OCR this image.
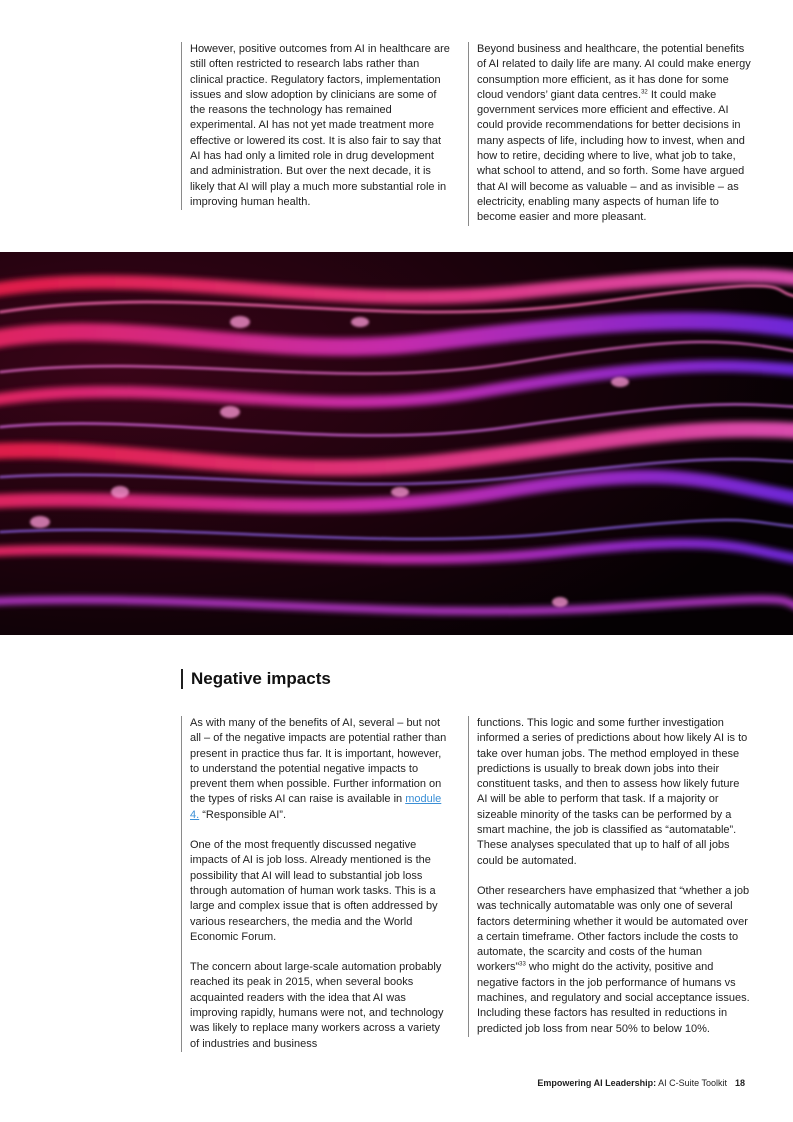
However, positive outcomes from AI in healthcare are still often restricted to research labs rather than clinical practice. Regulatory factors, implementation issues and slow adoption by clinicians are some of the reasons the technology has remained experimental. AI has not yet made treatment more effective or lowered its cost. It is also fair to say that AI has had only a limited role in drug development and administration. But over the next decade, it is likely that AI will play a much more substantial role in improving human health.

Beyond business and healthcare, the potential benefits of AI related to daily life are many. AI could make energy consumption more efficient, as it has done for some cloud vendors’ giant data centres.$^{32}$ It could make government services more efficient and effective. AI could provide recommendations for better decisions in many aspects of life, including how to invest, when and how to retire, deciding where to live, what job to take, what school to attend, and so forth. Some have argued that AI will become as valuable – and as invisible – as electricity, enabling many aspects of human life to become easier and more pleasant.

Negative impacts

As with many of the benefits of AI, several – but not all – of the negative impacts are potential rather than present in practice thus far. It is important, however, to understand the potential negative impacts to prevent them when possible. Further information on the types of risks AI can raise is available in module 4. “Responsible AI”.

One of the most frequently discussed negative impacts of AI is job loss. Already mentioned is the possibility that AI will lead to substantial job loss through automation of human work tasks. This is a large and complex issue that is often addressed by various researchers, the media and the World Economic Forum.

The concern about large-scale automation probably reached its peak in 2015, when several books acquainted readers with the idea that AI was improving rapidly, humans were not, and technology was likely to replace many workers across a variety of industries and business

functions. This logic and some further investigation informed a series of predictions about how likely AI is to take over human jobs. The method employed in these predictions is usually to break down jobs into their constituent tasks, and then to assess how likely future AI will be able to perform that task. If a majority or sizeable minority of the tasks can be performed by a smart machine, the job is classified as “automatable”. These analyses speculated that up to half of all jobs could be automated.

Other researchers have emphasized that “whether a job was technically automatable was only one of several factors determining whether it would be automated over a certain timeframe. Other factors include the costs to automate, the scarcity and costs of the human workers”$^{33}$ who might do the activity, positive and negative factors in the job performance of humans vs machines, and regulatory and social acceptance issues. Including these factors has resulted in reductions in predicted job loss from near 50% to below 10%.

Empowering AI Leadership: AI C-Suite Toolkit 18
